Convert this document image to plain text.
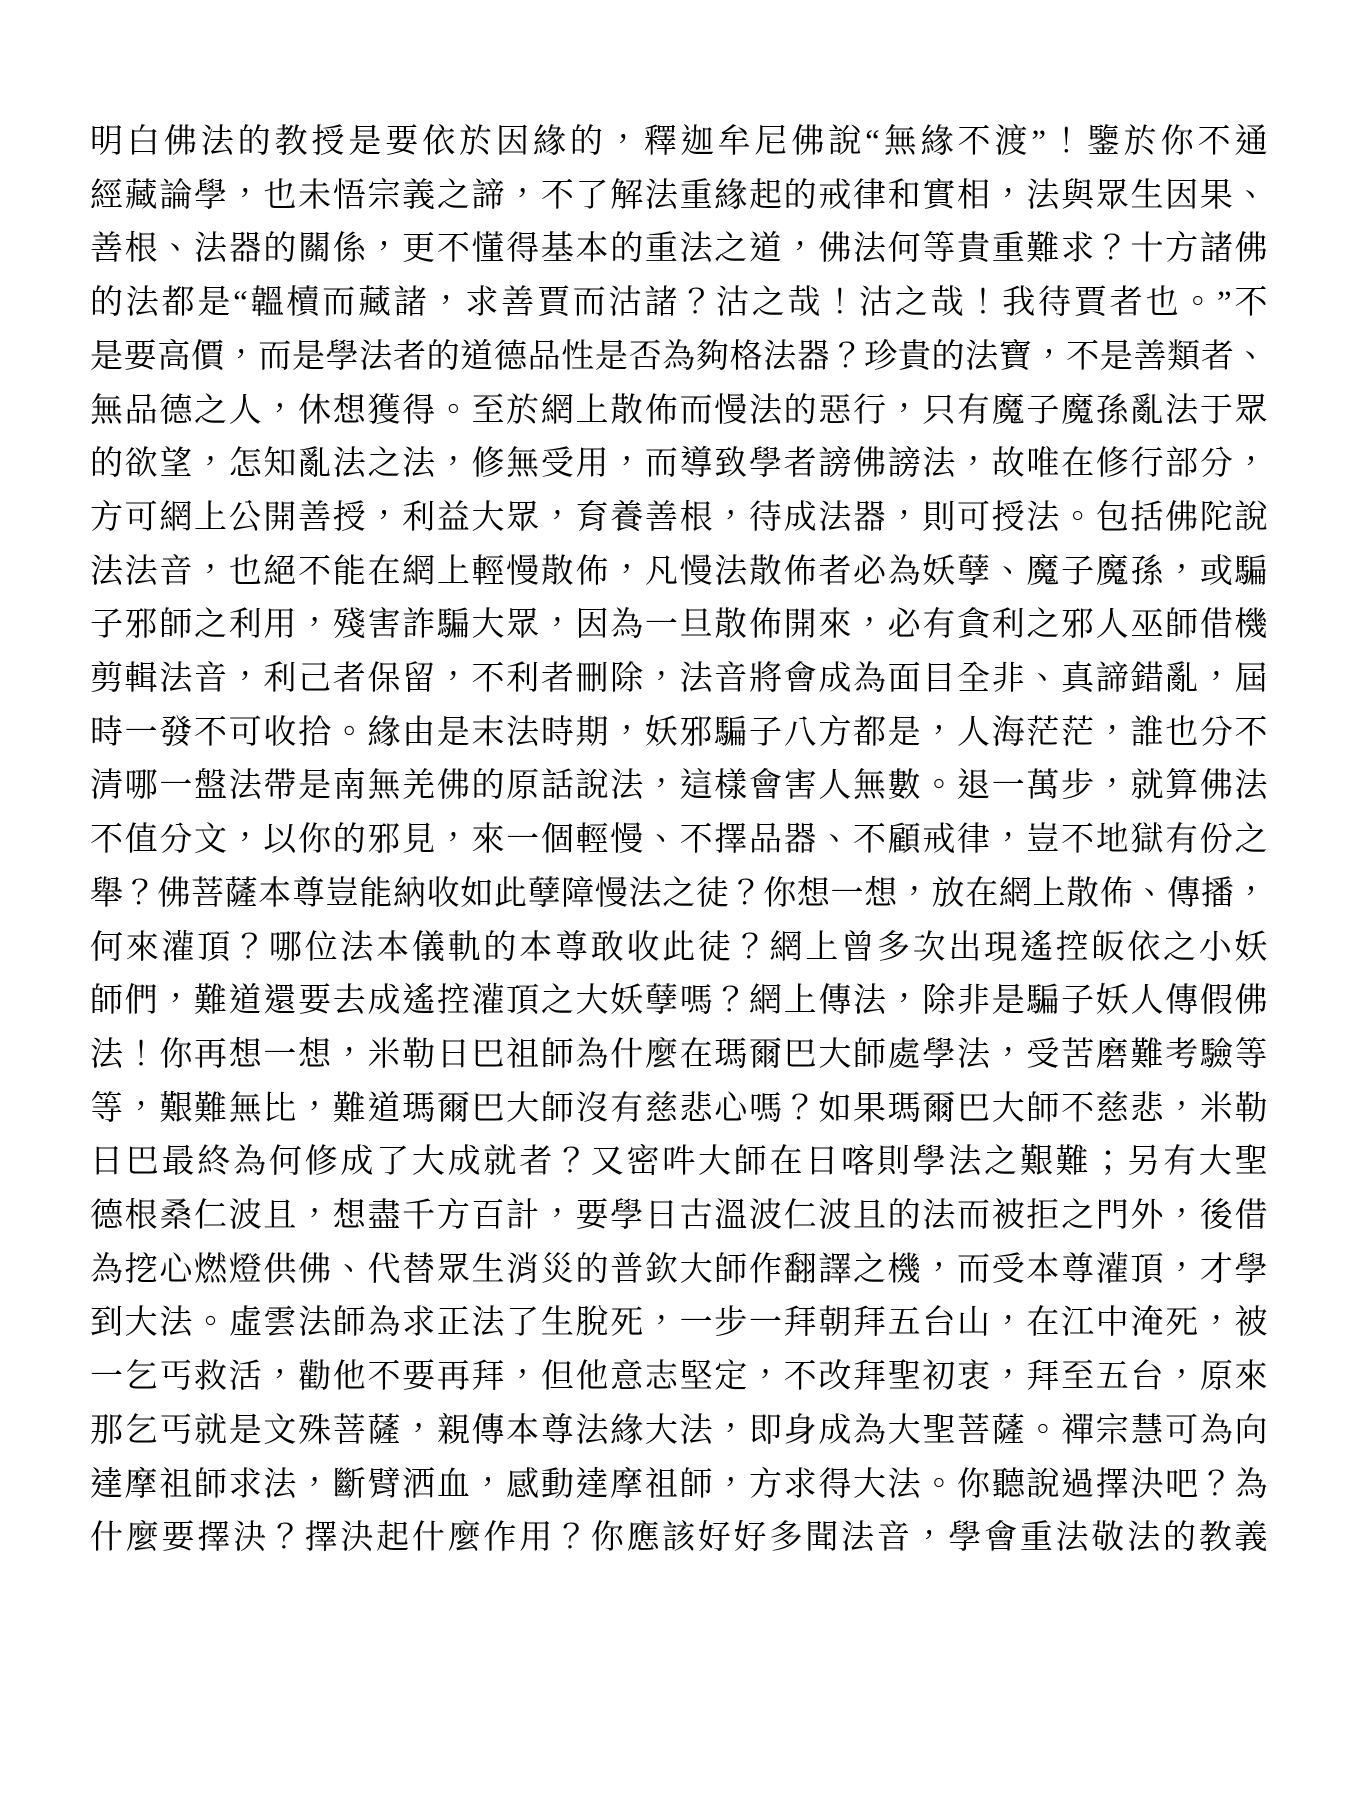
明白佛法的教授是要依於因緣的，釋迦牟尼佛說“無緣不渡”！鑒於你不通
經藏論學，也未悟宗義之諦，不了解法重緣起的戒律和實相，法與眾生因果、
善根、法器的關係，更不懂得基本的重法之道，佛法何等貴重難求？十方諸佛
的法都是“韞櫝而藏諸，求善賈而沽諸？沽之哉！沽之哉！我待賈者也。”不
是要高價，而是學法者的道德品性是否為夠格法器？珍貴的法寶，不是善類者、
無品德之人，休想獲得。至於網上散佈而慢法的惡行，只有魔子魔孫亂法于眾
的欲望，怎知亂法之法，修無受用，而導致學者謗佛謗法，故唯在修行部分，
方可網上公開善授，利益大眾，育養善根，待成法器，則可授法。包括佛陀說
法法音，也絕不能在網上輕慢散佈，凡慢法散佈者必為妖孽、魔子魔孫，或騙
子邪師之利用，殘害詐騙大眾，因為一旦散佈開來，必有貪利之邪人巫師借機
剪輯法音，利己者保留，不利者刪除，法音將會成為面目全非、真諦錯亂，屆
時一發不可收拾。緣由是末法時期，妖邪騙子八方都是，人海茫茫，誰也分不
清哪一盤法帶是南無羌佛的原話說法，這樣會害人無數。退一萬步，就算佛法
不值分文，以你的邪見，來一個輕慢、不擇品器、不顧戒律，豈不地獄有份之
舉？佛菩薩本尊豈能納收如此孽障慢法之徒？你想一想，放在網上散佈、傳播，
何來灌頂？哪位法本儀軌的本尊敢收此徒？網上曾多次出現遙控皈依之小妖
師們，難道還要去成遙控灌頂之大妖孽嗎？網上傳法，除非是騙子妖人傳假佛
法！你再想一想，米勒日巴祖師為什麼在瑪爾巴大師處學法，受苦磨難考驗等
等，艱難無比，難道瑪爾巴大師沒有慈悲心嗎？如果瑪爾巴大師不慈悲，米勒
日巴最終為何修成了大成就者？又密吽大師在日喀則學法之艱難；另有大聖
德根桑仁波且，想盡千方百計，要學日古溫波仁波且的法而被拒之門外，後借
為挖心燃燈供佛、代替眾生消災的普欽大師作翻譯之機，而受本尊灌頂，才學
到大法。虛雲法師為求正法了生脫死，一步一拜朝拜五台山，在江中淹死，被
一乞丐救活，勸他不要再拜，但他意志堅定，不改拜聖初衷，拜至五台，原來
那乞丐就是文殊菩薩，親傳本尊法緣大法，即身成為大聖菩薩。禪宗慧可為向
達摩祖師求法，斷臂洒血，感動達摩祖師，方求得大法。你聽說過擇決吧？為
什麼要擇決？擇決起什麼作用？你應該好好多聞法音，學會重法敬法的教義
